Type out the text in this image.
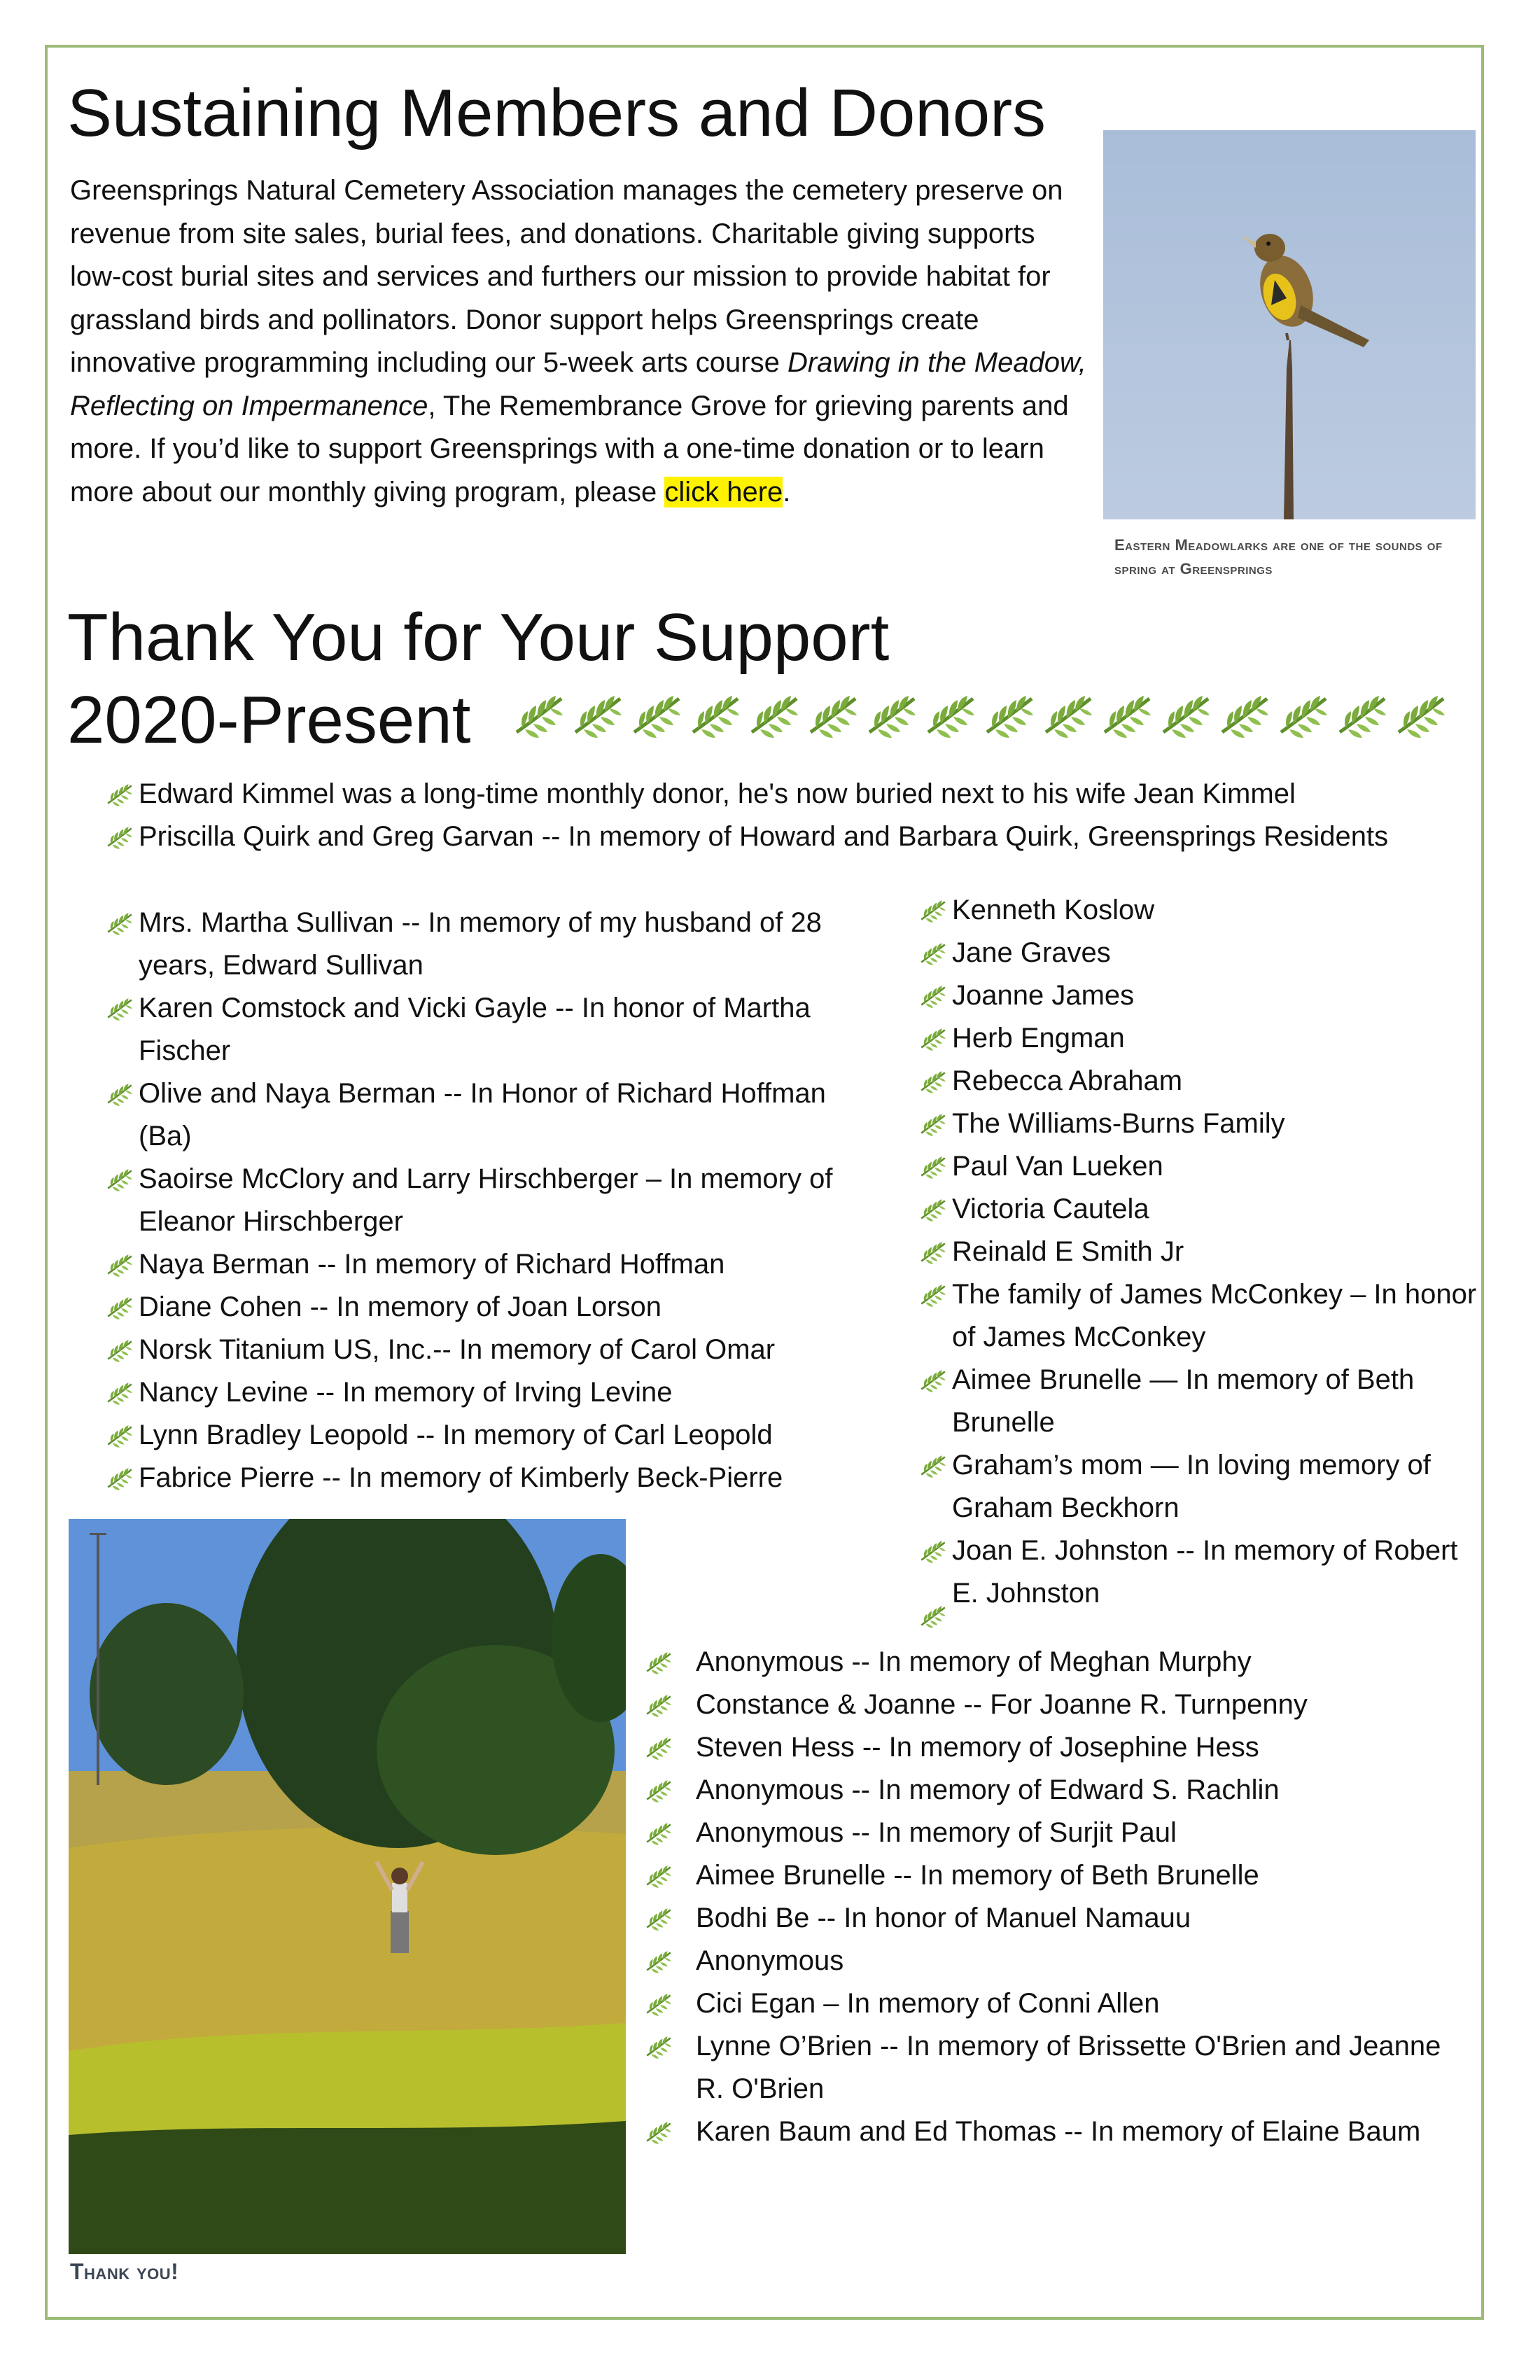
Sustaining Members and Donors

Greensprings Natural Cemetery Association manages the cemetery preserve on revenue from site sales, burial fees, and donations. Charitable giving supports low-cost burial sites and services and furthers our mission to provide habitat for grassland birds and pollinators. Donor support helps Greensprings create innovative programming including our 5-week arts course Drawing in the Meadow, Reflecting on Impermanence, The Remembrance Grove for grieving parents and more. If you’d like to support Greensprings with a one-time donation or to learn more about our monthly giving program, please click here.

Eastern Meadowlarks are one of the sounds of spring at Greensprings
Thank You for Your Support
2020-Present
Edward Kimmel was a long-time monthly donor, he's now buried next to his wife Jean Kimmel
Priscilla Quirk and Greg Garvan -- In memory of Howard and Barbara Quirk, Greensprings Residents
Mrs. Martha Sullivan -- In memory of my husband of 28 years, Edward Sullivan
Karen Comstock and Vicki Gayle -- In honor of Martha Fischer
Olive and Naya Berman -- In Honor of Richard Hoffman (Ba)
Saoirse McClory and Larry Hirschberger – In memory of Eleanor Hirschberger
Naya Berman -- In memory of Richard Hoffman
Diane Cohen -- In memory of Joan Lorson
Norsk Titanium US, Inc.-- In memory of Carol Omar
Nancy Levine -- In memory of Irving Levine
Lynn Bradley Leopold -- In memory of Carl Leopold
Fabrice Pierre -- In memory of Kimberly Beck-Pierre
Kenneth Koslow
Jane Graves
Joanne James
Herb Engman
Rebecca Abraham
The Williams-Burns Family
Paul Van Lueken
Victoria Cautela
Reinald E Smith Jr
The family of James McConkey – In honor of James McConkey
Aimee Brunelle — In memory of Beth Brunelle
Graham’s mom — In loving memory of Graham Beckhorn
Joan E. Johnston -- In memory of Robert E. Johnston
Thank you!
Anonymous -- In memory of Meghan Murphy
Constance & Joanne -- For Joanne R. Turnpenny
Steven Hess -- In memory of Josephine Hess
Anonymous -- In memory of Edward S. Rachlin
Anonymous -- In memory of Surjit Paul
Aimee Brunelle -- In memory of Beth Brunelle
Bodhi Be -- In honor of Manuel Namauu
Anonymous
Cici Egan – In memory of Conni Allen
Lynne O’Brien -- In memory of Brissette O'Brien and Jeanne R. O'Brien
Karen Baum and Ed Thomas -- In memory of Elaine Baum
